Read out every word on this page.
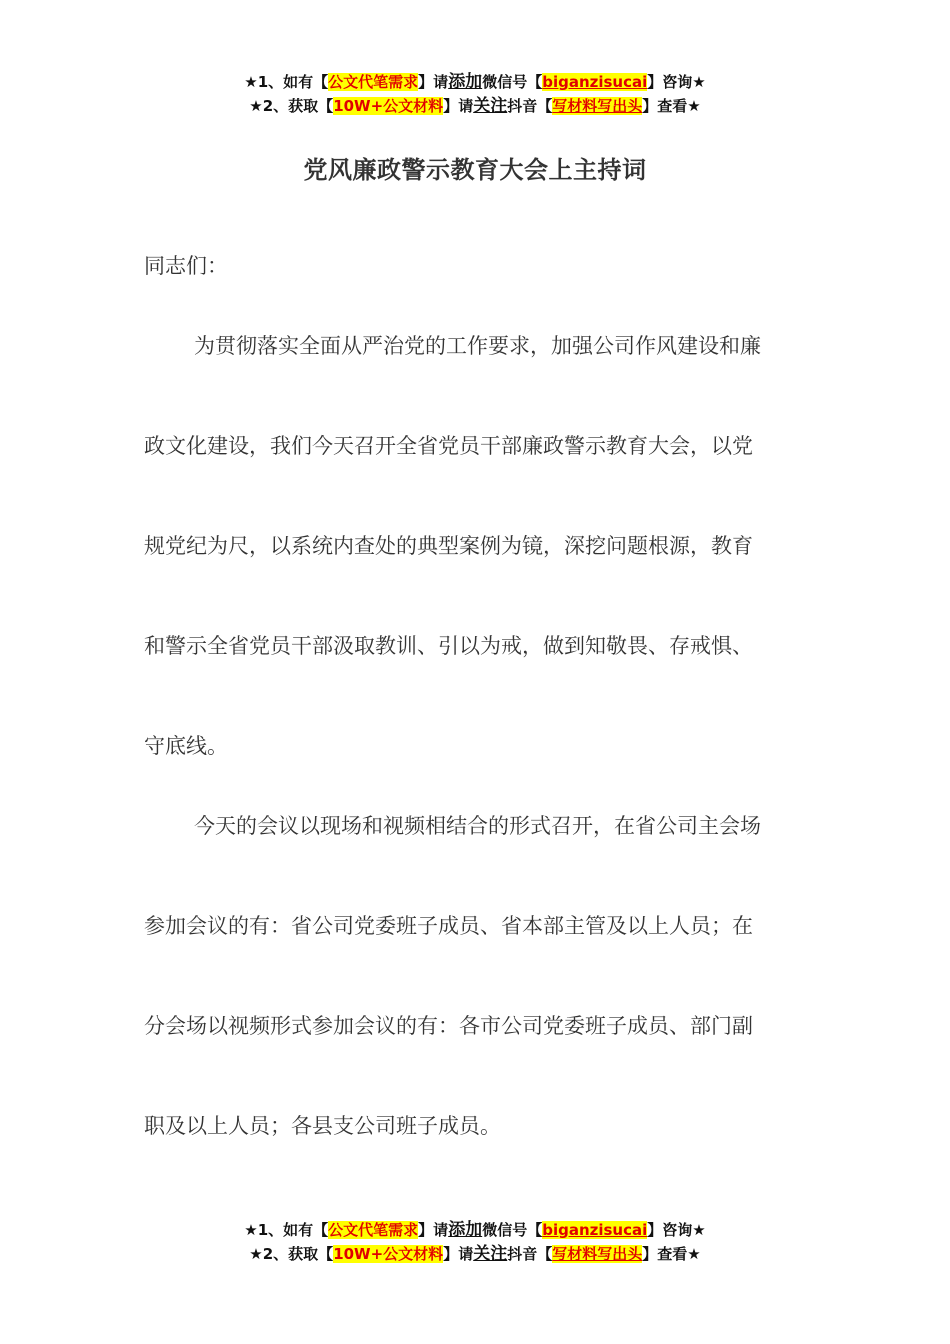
★1、如有【公文代笔需求】请添加微信号【biganzisucai】咨询★
★2、获取【10W+公文材料】请关注抖音【写材料写出头】查看★
党风廉政警示教育大会上主持词
同志们：
为贯彻落实全面从严治党的工作要求，加强公司作风建设和廉
政文化建设，我们今天召开全省党员干部廉政警示教育大会，以党
规党纪为尺，以系统内查处的典型案例为镜，深挖问题根源，教育
和警示全省党员干部汲取教训、引以为戒，做到知敬畏、存戒惧、
守底线。
今天的会议以现场和视频相结合的形式召开，在省公司主会场
参加会议的有：省公司党委班子成员、省本部主管及以上人员；在
分会场以视频形式参加会议的有：各市公司党委班子成员、部门副
职及以上人员；各县支公司班子成员。
★1、如有【公文代笔需求】请添加微信号【biganzisucai】咨询★
★2、获取【10W+公文材料】请关注抖音【写材料写出头】查看★
